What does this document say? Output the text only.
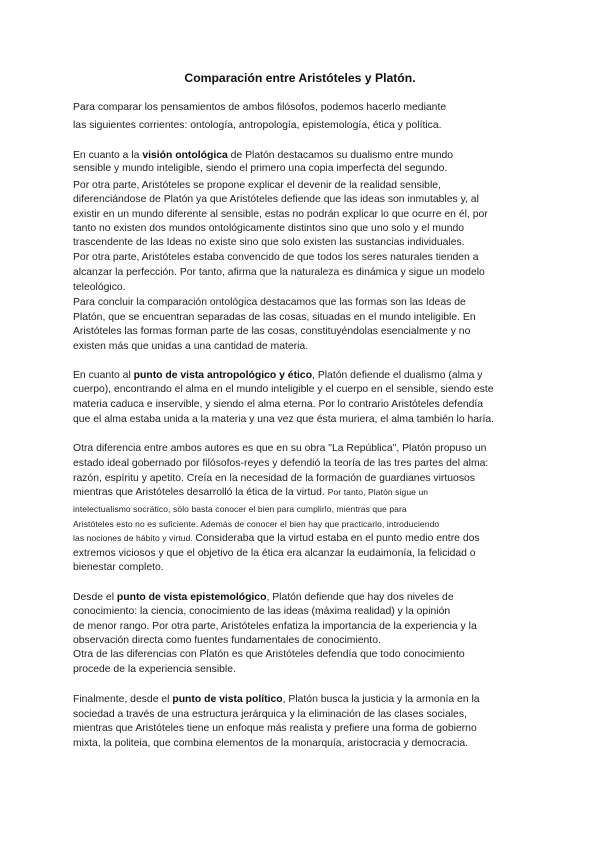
Comparación entre Aristóteles y Platón.
Para comparar los pensamientos de ambos filósofos, podemos hacerlo mediante
las siguientes corrientes: ontología, antropología, epistemología, ética y política.
En cuanto a la visión ontológica de Platón destacamos su dualismo entre mundo
sensible y mundo inteligible, siendo el primero una copia imperfecta del segundo.
Por otra parte, Aristóteles se propone explicar el devenir de la realidad sensible,
diferenciándose de Platón ya que Aristóteles defiende que las ideas son inmutables y, al
existir en un mundo diferente al sensible, estas no podrán explicar lo que ocurre en él, por
tanto no existen dos mundos ontológicamente distintos sino que uno solo y el mundo
trascendente de las Ideas no existe sino que solo existen las sustancias individuales.
Por otra parte, Aristóteles estaba convencido de que todos los seres naturales tienden a
alcanzar la perfección. Por tanto, afirma que la naturaleza es dinámica y sigue un modelo
teleológico.
Para concluir la comparación ontológica destacamos que las formas son las Ideas de
Platón, que se encuentran separadas de las cosas, situadas en el mundo inteligible. En
Aristóteles las formas forman parte de las cosas, constituyéndolas esencialmente y no
existen más que unidas a una cantidad de materia.
En cuanto al punto de vista antropológico y ético, Platón defiende el dualismo (alma y
cuerpo), encontrando el alma en el mundo inteligible y el cuerpo en el sensible, siendo este
materia caduca e inservible, y siendo el alma eterna. Por lo contrario Aristóteles defendía
que el alma estaba unida a la materia y una vez que ésta muriera, el alma también lo haría.
Otra diferencia entre ambos autores es que en su obra "La República", Platón propuso un
estado ideal gobernado por filósofos-reyes y defendió la teoría de las tres partes del alma:
razón, espíritu y apetito. Creía en la necesidad de la formación de guardianes virtuosos
mientras que Aristóteles desarrolló la ética de la virtud. Por tanto, Platón sigue un
intelectualismo socrático, sólo basta conocer el bien para cumplirlo, mientras que para
Aristóteles esto no es suficiente. Además de conocer el bien hay que practicarlo, introduciendo
las nociones de hábito y virtud. Consideraba que la virtud estaba en el punto medio entre dos
extremos viciosos y que el objetivo de la ética era alcanzar la eudaimonía, la felicidad o
bienestar completo.
Desde el punto de vista epistemológico, Platón defiende que hay dos niveles de
conocimiento: la ciencia, conocimiento de las ideas (máxima realidad) y la opinión
de menor rango. Por otra parte, Aristóteles enfatiza la importancia de la experiencia y la
observación directa como fuentes fundamentales de conocimiento.
Otra de las diferencias con Platón es que Aristóteles defendía que todo conocimiento
procede de la experiencia sensible.
Finalmente, desde el punto de vista político, Platón busca la justicia y la armonía en la
sociedad a través de una estructura jerárquica y la eliminación de las clases sociales,
mientras que Aristóteles tiene un enfoque más realista y prefiere una forma de gobierno
mixta, la politeia, que combina elementos de la monarquía, aristocracia y democracia.
